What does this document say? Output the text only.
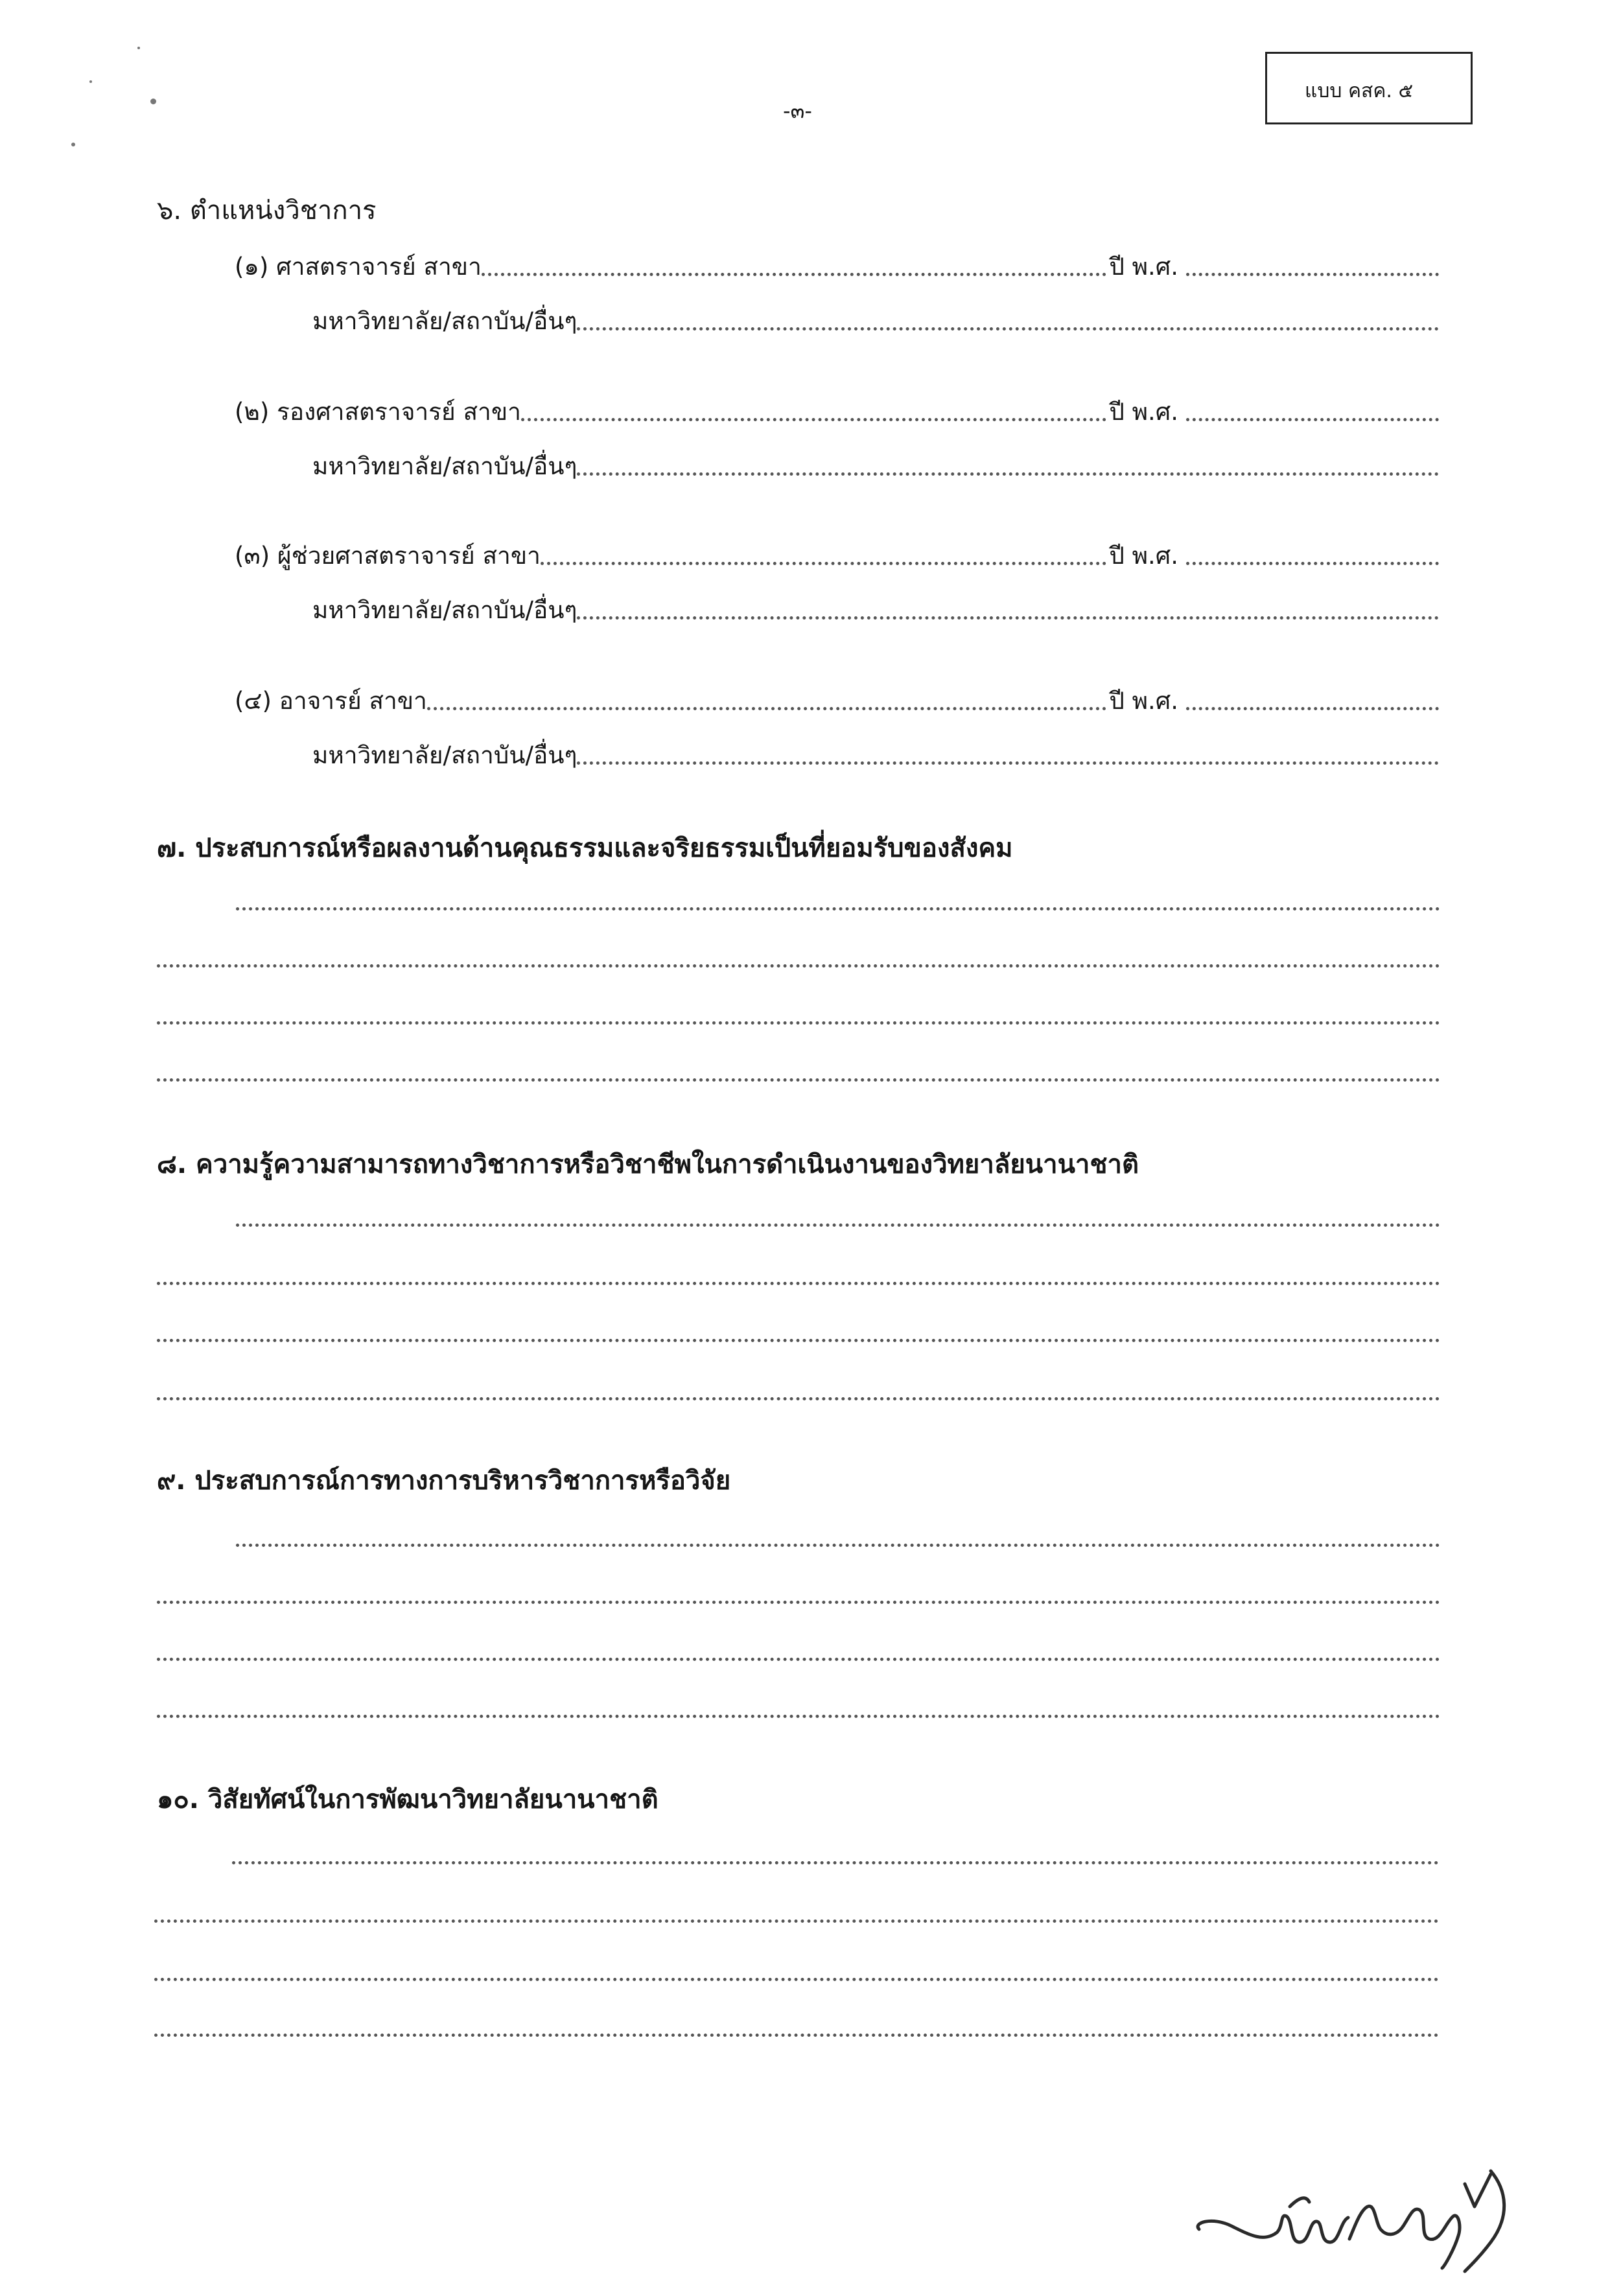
แบบ คสค. ๕
-๓-
๖. ตำแหน่งวิชาการ
(๑) ศาสตราจารย์ สาขา	ปี พ.ศ.
มหาวิทยาลัย/สถาบัน/อื่นๆ
(๒) รองศาสตราจารย์ สาขา	ปี พ.ศ.
มหาวิทยาลัย/สถาบัน/อื่นๆ
(๓) ผู้ช่วยศาสตราจารย์ สาขา	ปี พ.ศ.
มหาวิทยาลัย/สถาบัน/อื่นๆ
(๔) อาจารย์ สาขา	ปี พ.ศ.
มหาวิทยาลัย/สถาบัน/อื่นๆ
๗. ประสบการณ์หรือผลงานด้านคุณธรรมและจริยธรรมเป็นที่ยอมรับของสังคม
๘. ความรู้ความสามารถทางวิชาการหรือวิชาชีพในการดำเนินงานของวิทยาลัยนานาชาติ
๙. ประสบการณ์การทางการบริหารวิชาการหรือวิจัย
๑๐. วิสัยทัศน์ในการพัฒนาวิทยาลัยนานาชาติ
